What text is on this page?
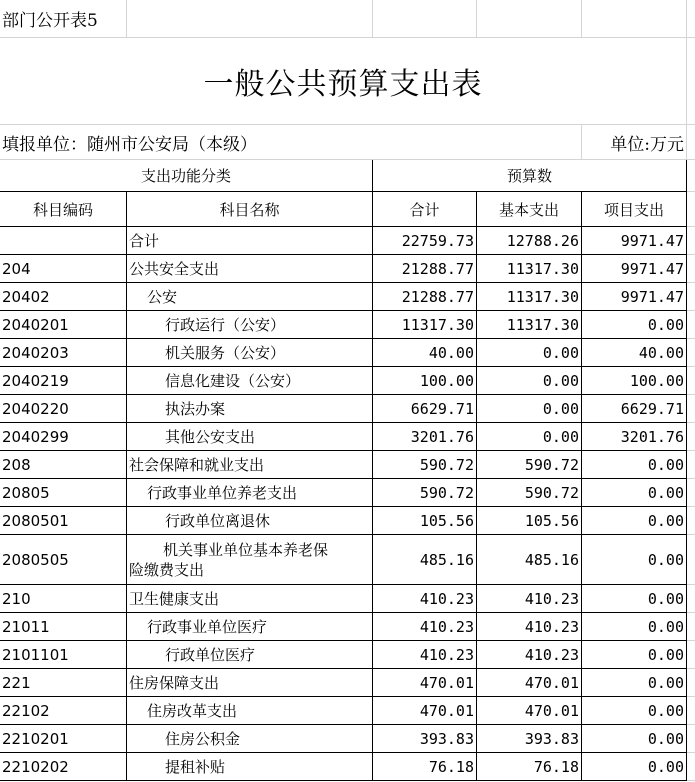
部门公开表5					
一般公共预算支出表					
填报单位：随州市公安局（本级）				单位:万元	
支出功能分类		预算数			
科目编码	科目名称	合计	基本支出	项目支出	
	合计	22759.73	12788.26	9971.47	
204	公共安全支出	21288.77	11317.30	9971.47	
20402	公安	21288.77	11317.30	9971.47	
2040201	行政运行（公安）	11317.30	11317.30	0.00	
2040203	机关服务（公安）	40.00	0.00	40.00	
2040219	信息化建设（公安）	100.00	0.00	100.00	
2040220	执法办案	6629.71	0.00	6629.71	
2040299	其他公安支出	3201.76	0.00	3201.76	
208	社会保障和就业支出	590.72	590.72	0.00	
20805	行政事业单位养老支出	590.72	590.72	0.00	
2080501	行政单位离退休	105.56	105.56	0.00	
2080505	机关事业单位基本养老保
险缴费支出	485.16	485.16	0.00	
210	卫生健康支出	410.23	410.23	0.00	
21011	行政事业单位医疗	410.23	410.23	0.00	
2101101	行政单位医疗	410.23	410.23	0.00	
221	住房保障支出	470.01	470.01	0.00	
22102	住房改革支出	470.01	470.01	0.00	
2210201	住房公积金	393.83	393.83	0.00	
2210202	提租补贴	76.18	76.18	0.00	
